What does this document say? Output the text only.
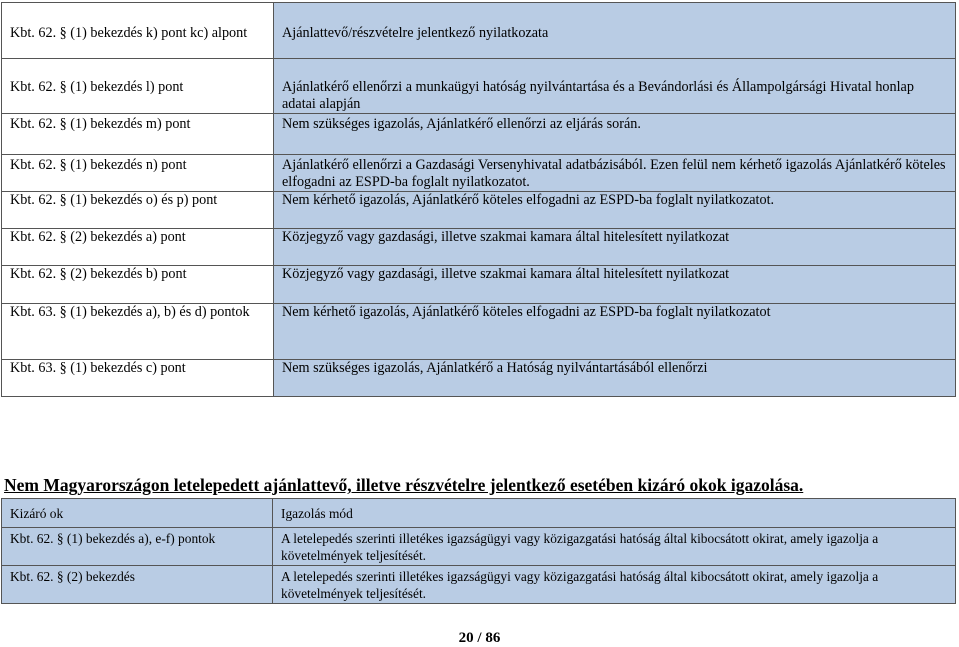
Kbt. 62. § (1) bekezdés k) pont kc) alpont	Ajánlattevő/részvételre jelentkező nyilatkozata

Kbt. 62. § (1) bekezdés l) pont	Ajánlatkérő ellenőrzi a munkaügyi hatóság nyilvántartása és a Bevándorlási és Állampolgársági Hivatal honlap adatai alapján

Kbt. 62. § (1) bekezdés m) pont	Nem szükséges igazolás, Ajánlatkérő ellenőrzi az eljárás során.

Kbt. 62. § (1) bekezdés n) pont	Ajánlatkérő ellenőrzi a Gazdasági Versenyhivatal adatbázisából. Ezen felül nem kérhető igazolás Ajánlatkérő köteles elfogadni az ESPD-ba foglalt nyilatkozatot.

Kbt. 62. § (1) bekezdés o) és p) pont	Nem kérhető igazolás, Ajánlatkérő köteles elfogadni az ESPD-ba foglalt nyilatkozatot.

Kbt. 62. § (2) bekezdés a) pont	Közjegyző vagy gazdasági, illetve szakmai kamara által hitelesített nyilatkozat

Kbt. 62. § (2) bekezdés b) pont	Közjegyző vagy gazdasági, illetve szakmai kamara által hitelesített nyilatkozat

Kbt. 63. § (1) bekezdés a), b) és d) pontok	Nem kérhető igazolás, Ajánlatkérő köteles elfogadni az ESPD-ba foglalt nyilatkozatot

Kbt. 63. § (1) bekezdés c) pont	Nem szükséges igazolás, Ajánlatkérő a Hatóság nyilvántartásából ellenőrzi
Nem Magyarországon letelepedett ajánlattevő, illetve részvételre jelentkező esetében kizáró okok igazolása.
Kizáró ok	Igazolás mód

Kbt. 62. § (1) bekezdés a), e-f) pontok	A letelepedés szerinti illetékes igazságügyi vagy közigazgatási hatóság által kibocsátott okirat, amely igazolja a követelmények teljesítését.

Kbt. 62. § (2) bekezdés	A letelepedés szerinti illetékes igazságügyi vagy közigazgatási hatóság által kibocsátott okirat, amely igazolja a követelmények teljesítését.
20 / 86
